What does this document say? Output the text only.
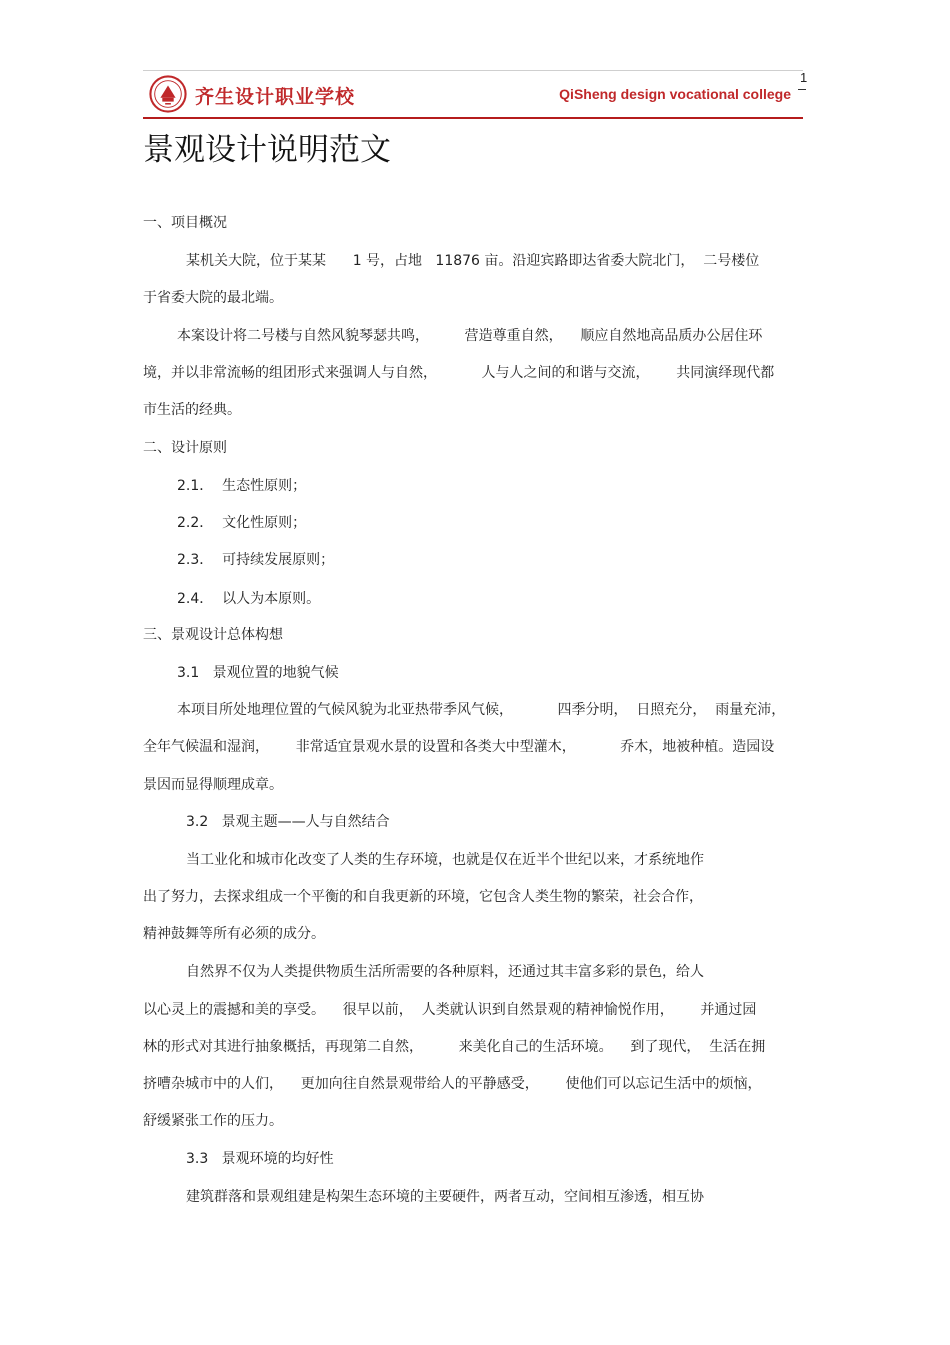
齐生设计职业学校	QiSheng design vocational college
1
景观设计说明范文
一、项目概况
某机关大院，位于某某      1 号，占地   11876 亩。沿迎宾路即达省委大院北门，  二号楼位
于省委大院的最北端。
本案设计将二号楼与自然风貌琴瑟共鸣，        营造尊重自然，    顺应自然地高品质办公居住环
境，并以非常流畅的组团形式来强调人与自然，          人与人之间的和谐与交流，      共同演绎现代都
市生活的经典。
二、设计原则
2.1．  生态性原则；
2.2．  文化性原则；
2.3．  可持续发展原则；
2.4．  以人为本原则。
三、景观设计总体构想
3.1   景观位置的地貌气候
本项目所处地理位置的气候风貌为北亚热带季风气候，          四季分明，  日照充分，  雨量充沛，
全年气候温和湿润，      非常适宜景观水景的设置和各类大中型灌木，          乔木，地被种植。造园设
景因而显得顺理成章。
3.2   景观主题——人与自然结合
当工业化和城市化改变了人类的生存环境，也就是仅在近半个世纪以来，才系统地作
出了努力，去探求组成一个平衡的和自我更新的环境，它包含人类生物的繁荣，社会合作，
精神鼓舞等所有必须的成分。
自然界不仅为人类提供物质生活所需要的各种原料，还通过其丰富多彩的景色，给人
以心灵上的震撼和美的享受。    很早以前，  人类就认识到自然景观的精神愉悦作用，      并通过园
林的形式对其进行抽象概括，再现第二自然，        来美化自己的生活环境。    到了现代，  生活在拥
挤嘈杂城市中的人们，    更加向往自然景观带给人的平静感受，      使他们可以忘记生活中的烦恼，
舒缓紧张工作的压力。
3.3   景观环境的均好性
建筑群落和景观组建是构架生态环境的主要硬件，两者互动，空间相互渗透，相互协
